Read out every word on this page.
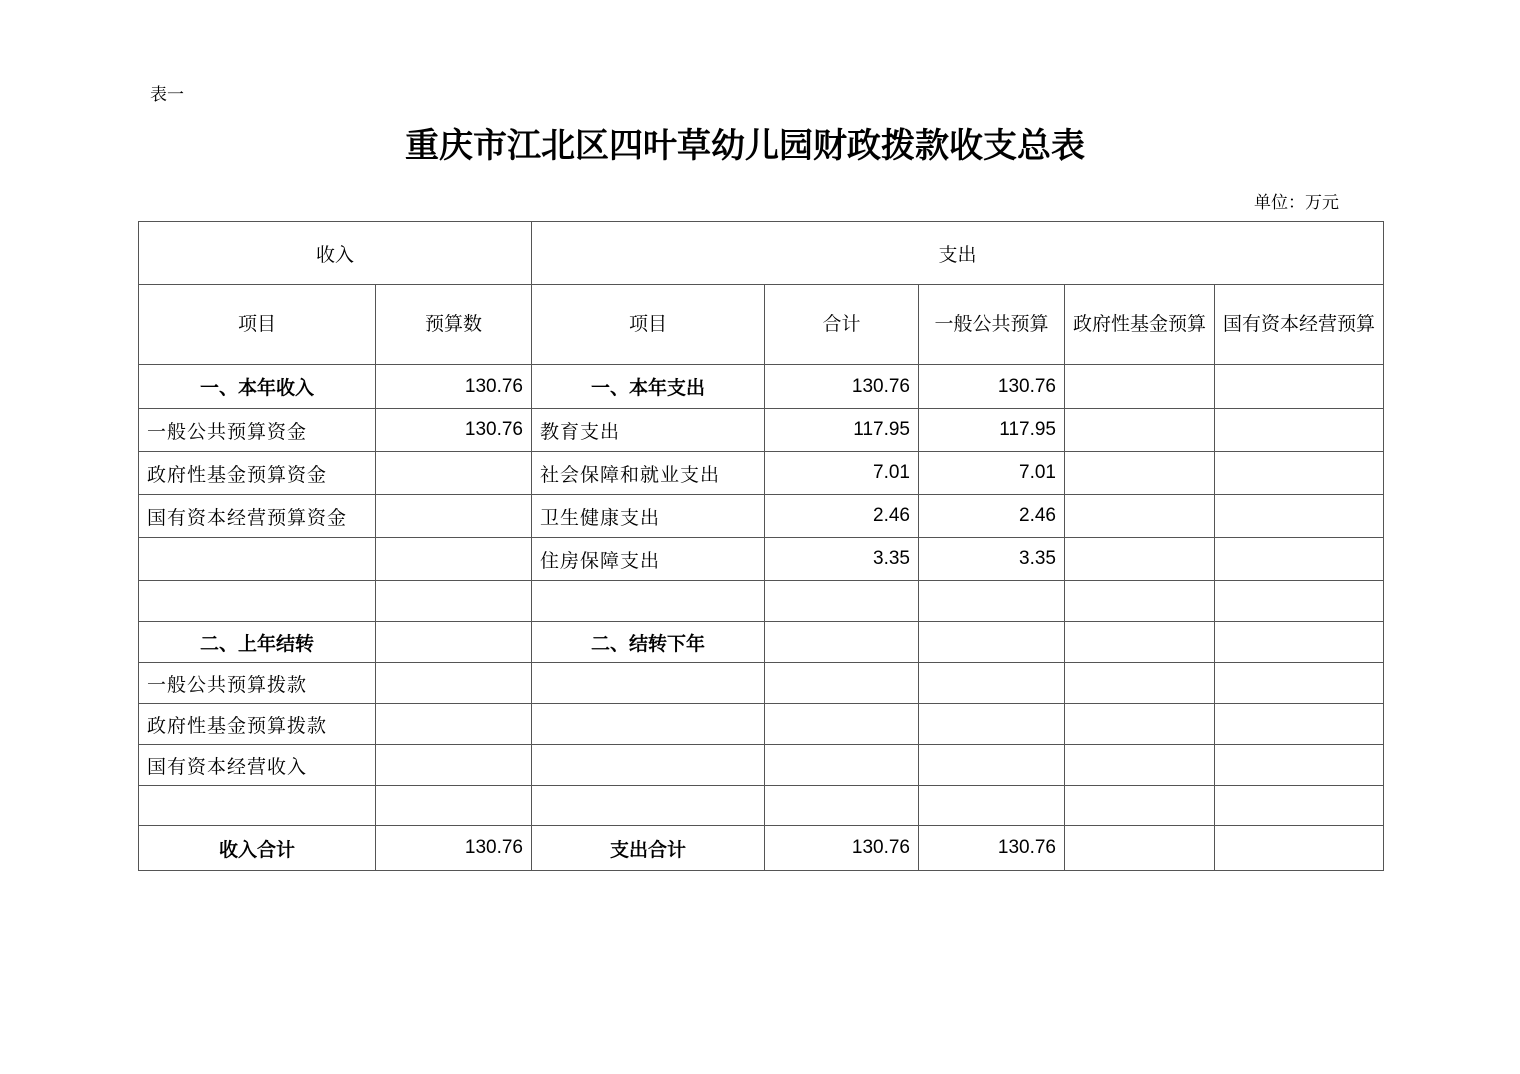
表一
重庆市江北区四叶草幼儿园财政拨款收支总表
单位：万元
收入		支出				
项目	预算数	项目	合计	一般公共预算	政府性基金预算	国有资本经营预算
一、本年收入	130.76	一、本年支出	130.76	130.76		
一般公共预算资金	130.76	教育支出	117.95	117.95		
政府性基金预算资金		社会保障和就业支出	7.01	7.01		
国有资本经营预算资金		卫生健康支出	2.46	2.46		
		住房保障支出	3.35	3.35		

二、上年结转		二、结转下年				
一般公共预算拨款						
政府性基金预算拨款						
国有资本经营收入						

收入合计	130.76	支出合计	130.76	130.76		
